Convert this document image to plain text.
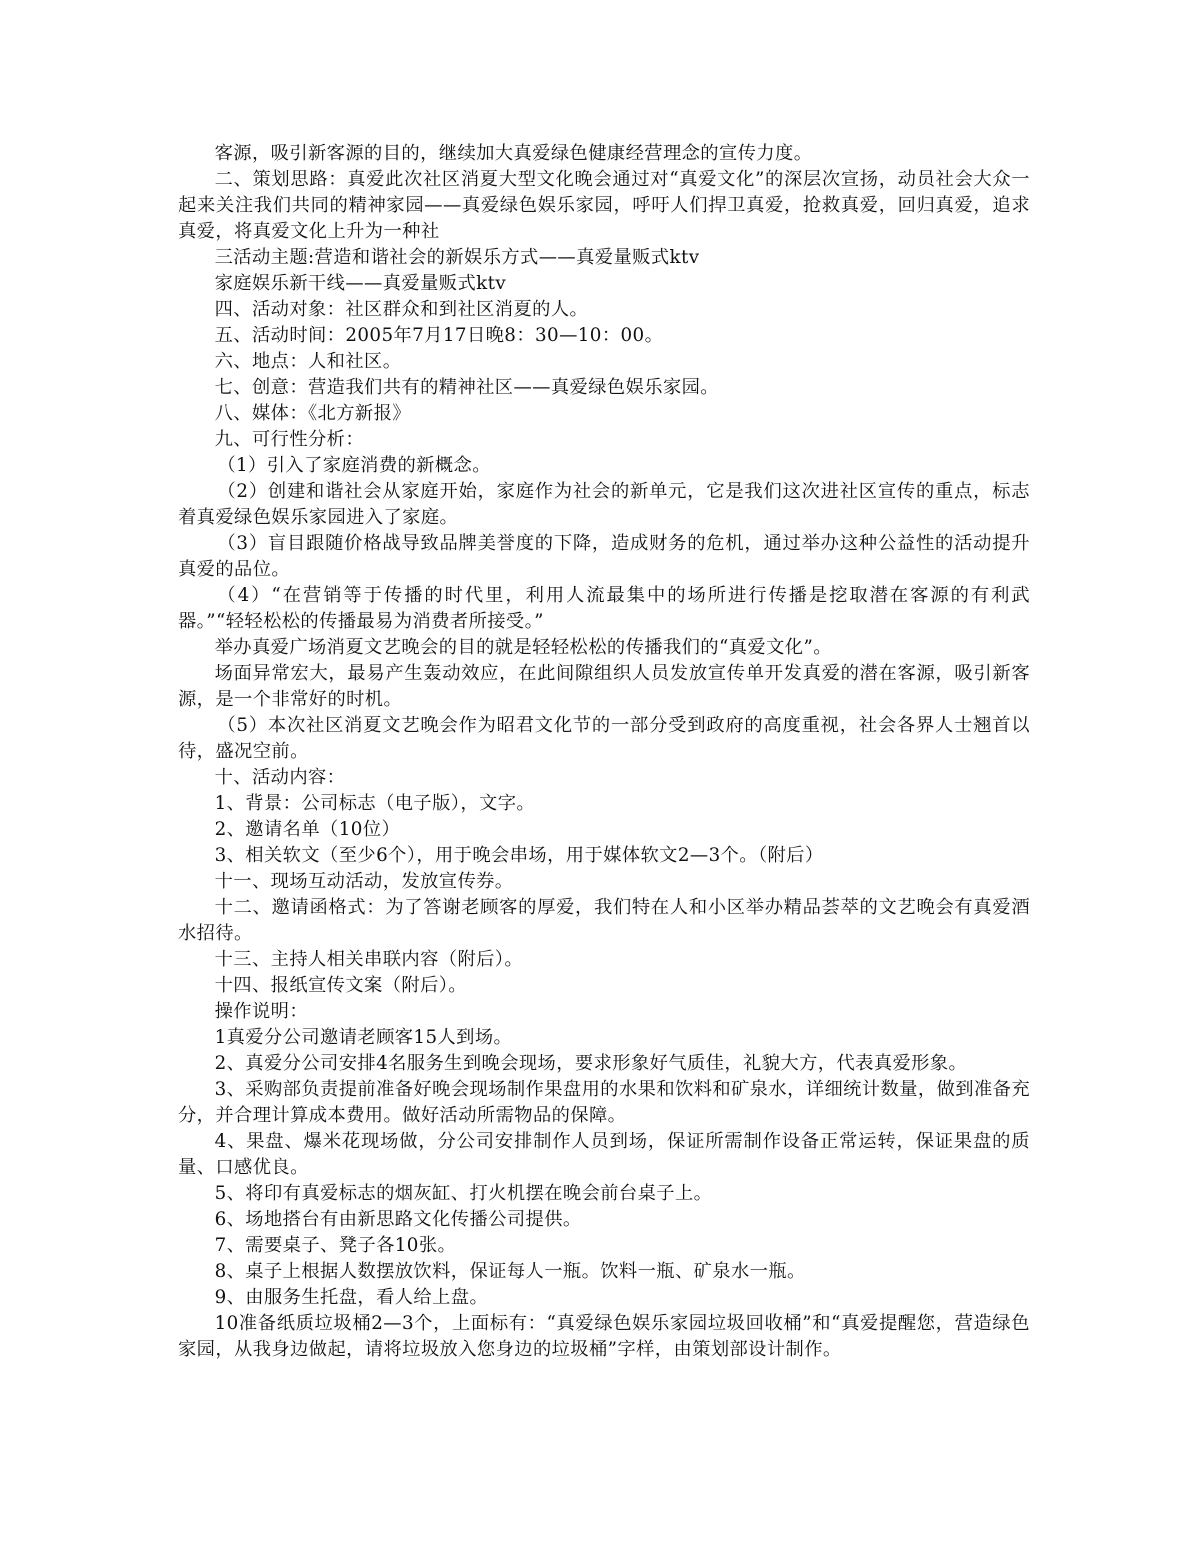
客源，吸引新客源的目的，继续加大真爱绿色健康经营理念的宣传力度。

二、策划思路：真爱此次社区消夏大型文化晚会通过对“真爱文化”的深层次宣扬，动员社会大众一起来关注我们共同的精神家园——真爱绿色娱乐家园，呼吁人们捍卫真爱，抢救真爱，回归真爱，追求真爱，将真爱文化上升为一种社

三活动主题:营造和谐社会的新娱乐方式——真爱量贩式ktv

家庭娱乐新干线——真爱量贩式ktv

四、活动对象：社区群众和到社区消夏的人。

五、活动时间：2005年7月17日晚8：30—10：00。

六、地点：人和社区。

七、创意：营造我们共有的精神社区——真爱绿色娱乐家园。

八、媒体：《北方新报》

九、可行性分析：

（1）引入了家庭消费的新概念。

（2）创建和谐社会从家庭开始，家庭作为社会的新单元，它是我们这次进社区宣传的重点，标志着真爱绿色娱乐家园进入了家庭。

（3）盲目跟随价格战导致品牌美誉度的下降，造成财务的危机，通过举办这种公益性的活动提升真爱的品位。

（4）“在营销等于传播的时代里，利用人流最集中的场所进行传播是挖取潜在客源的有利武器。”“轻轻松松的传播最易为消费者所接受。”

举办真爱广场消夏文艺晚会的目的就是轻轻松松的传播我们的“真爱文化”。

场面异常宏大，最易产生轰动效应，在此间隙组织人员发放宣传单开发真爱的潜在客源，吸引新客源，是一个非常好的时机。

（5）本次社区消夏文艺晚会作为昭君文化节的一部分受到政府的高度重视，社会各界人士翘首以待，盛况空前。

十、活动内容：

1、背景：公司标志（电子版），文字。

2、邀请名单（10位）

3、相关软文（至少6个），用于晚会串场，用于媒体软文2—3个。（附后）

十一、现场互动活动，发放宣传券。

十二、邀请函格式：为了答谢老顾客的厚爱，我们特在人和小区举办精品荟萃的文艺晚会有真爱酒水招待。

十三、主持人相关串联内容（附后）。

十四、报纸宣传文案（附后）。

操作说明：

1真爱分公司邀请老顾客15人到场。

2、真爱分公司安排4名服务生到晚会现场，要求形象好气质佳，礼貌大方，代表真爱形象。

3、采购部负责提前准备好晚会现场制作果盘用的水果和饮料和矿泉水，详细统计数量，做到准备充分，并合理计算成本费用。做好活动所需物品的保障。

4、果盘、爆米花现场做，分公司安排制作人员到场，保证所需制作设备正常运转，保证果盘的质量、口感优良。

5、将印有真爱标志的烟灰缸、打火机摆在晚会前台桌子上。

6、场地搭台有由新思路文化传播公司提供。

7、需要桌子、凳子各10张。

8、桌子上根据人数摆放饮料，保证每人一瓶。饮料一瓶、矿泉水一瓶。

9、由服务生托盘，看人给上盘。

10准备纸质垃圾桶2—3个，上面标有：“真爱绿色娱乐家园垃圾回收桶”和“真爱提醒您，营造绿色家园，从我身边做起，请将垃圾放入您身边的垃圾桶”字样，由策划部设计制作。
